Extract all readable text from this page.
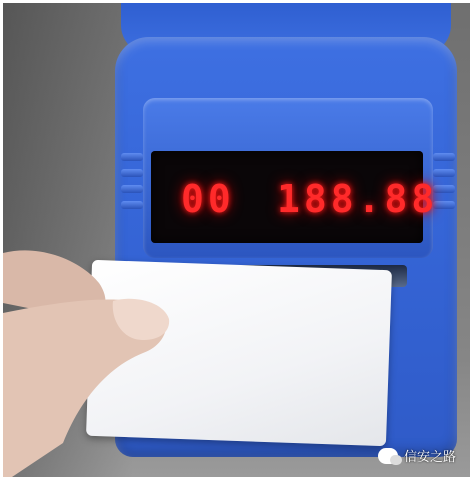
00 188.88
信安之路
